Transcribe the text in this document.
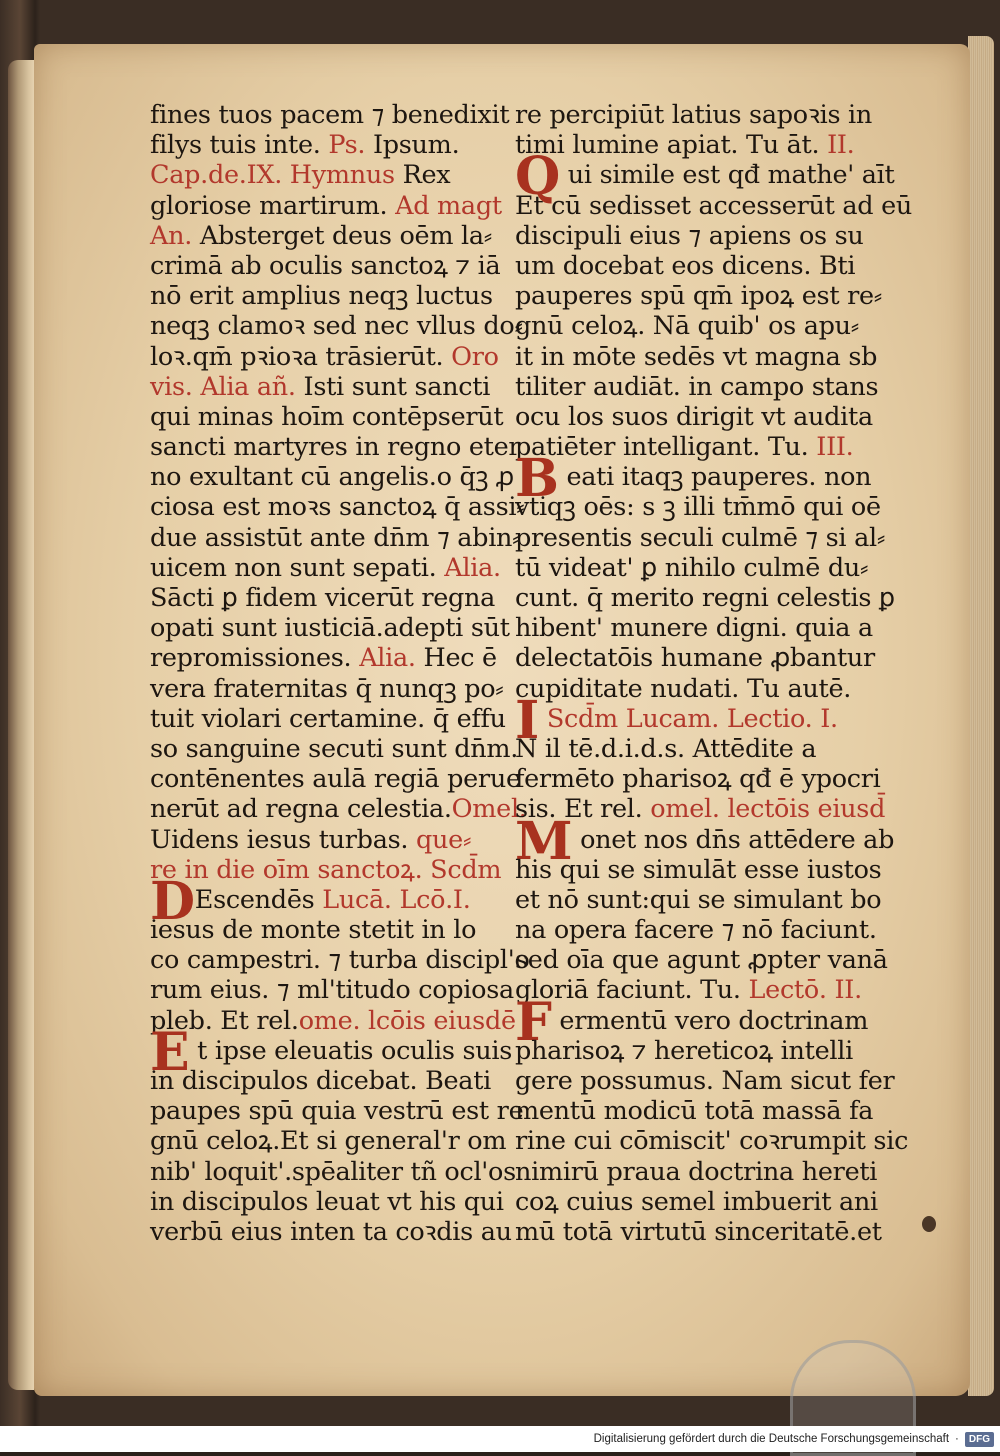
fines tuos pacem ⁊ benedixit
filys tuis inte. Ps. Ipsum.
Cap.de.IX. Hymnus Rex
gloriose martirum. Ad magt
An. Absterget deus oēm la⸗
crimā ab oculis sanctoꝝ ⁊ iā
nō erit amplius neqꝫ luctus
neqꝫ clamoꝛ sed nec vllus do⸗
loꝛ.qm̄ pꝛioꝛa trāsierūt. Oro
vis. Alia añ. Isti sunt sancti
qui minas hoīm contēpserūt
sancti martyres in regno eter
no exultant cū angelis.o q̄ꝫ ꝓ
ciosa est moꝛs sanctoꝝ q̄ assi⸗
due assistūt ante dn̄m ⁊ abin⸗
uicem non sunt sepati. Alia.
Sācti ꝑ fidem vicerūt regna
opati sunt iusticiā.adepti sūt
repromissiones. Alia. Hec ē
vera fraternitas q̄ nunqꝫ po⸗
tuit violari certamine. q̄ effu
so sanguine secuti sunt dn̄m.
contēnentes aulā regiā perue
nerūt ad regna celestia.Omel.
Uidens iesus turbas. que⸗
re in die oīm sanctoꝝ. Scd̄m
DEscendēs Lucā. Lcō.I.
iesus de monte stetit in lo
co campestri. ⁊ turba discipl'o
rum eius. ⁊ ml'titudo copiosa
pleb. Et rel.ome. lcōis eiusdē
E t ipse eleuatis oculis suis
in discipulos dicebat. Beati
paupes spū quia vestrū est re
gnū celoꝝ.Et si general'r om
nib' loquit'.spēaliter tñ ocl'os
in discipulos leuat vt his qui
verbū eius inten ta coꝛdis au
re percipiūt latius sapoꝛis in
timi lumine apiat. Tu āt. II.
Q ui simile est qđ mathe' aīt
Et cū sedisset accesserūt ad eū
discipuli eius ⁊ apiens os su
um docebat eos dicens. Bti
pauperes spū qm̄ ipoꝝ est re⸗
gnū celoꝝ. Nā quib' os apu⸗
it in mōte sedēs vt magna sb
tiliter audiāt. in campo stans
ocu los suos dirigit vt audita
patiēter intelligant. Tu. III.
B eati itaqꝫ pauperes. non
vtiqꝫ oēs: s ꝫ illi tm̄mō qui oē
presentis seculi culmē ⁊ si al⸗
tū videat' ꝑ nihilo culmē du⸗
cunt. q̄ merito regni celestis ꝑ
hibent' munere digni. quia a
delectatōis humane ꝓbantur
cupiditate nudati. Tu autē.
I Scd̄m Lucam. Lectio. I.
N il tē.d.i.d.s. Attēdite a
fermēto pharisoꝝ qđ ē ypocri
sis. Et rel. omel. lectōis eiusd̄
M onet nos dn̄s attēdere ab
his qui se simulāt esse iustos
et nō sunt:qui se simulant bo
na opera facere ⁊ nō faciunt.
sed oīa que agunt ꝓpter vanā
gloriā faciunt. Tu. Lectō. II.
F ermentū vero doctrinam
pharisoꝝ ⁊ hereticoꝝ intelli
gere possumus. Nam sicut fer
mentū modicū totā massā fa
rine cui cōmiscit' coꝛrumpit sic
nimirū praua doctrina hereti
coꝝ cuius semel imbuerit ani
mū totā virtutū sinceritatē.et
Digitalisierung gefördert durch die Deutsche Forschungsgemeinschaft ·	DFG
